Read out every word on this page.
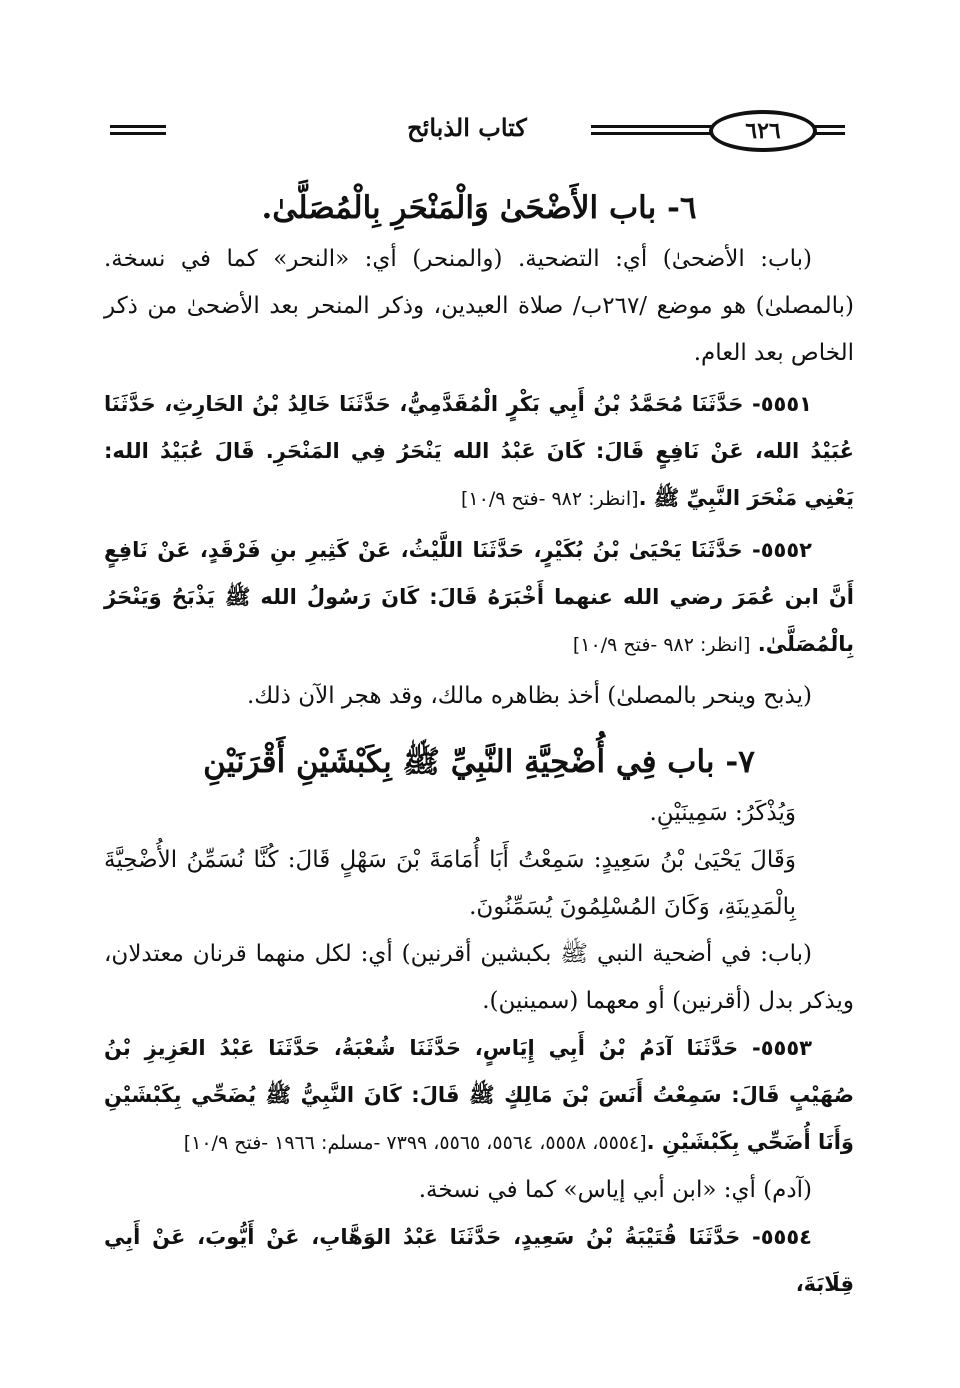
٦٢٦
كتاب الذبائح
٦- باب الأَضْحَىٰ وَالْمَنْحَرِ بِالْمُصَلَّىٰ.

(باب: الأضحىٰ) أي: التضحية. (والمنحر) أي: «النحر» كما في نسخة. (بالمصلىٰ) هو موضع /٢٦٧ب/ صلاة العيدين، وذكر المنحر بعد الأضحىٰ من ذكر الخاص بعد العام.

٥٥٥١- حَدَّثَنَا مُحَمَّدُ بْنُ أَبِي بَكْرٍ الْمُقَدَّمِيُّ، حَدَّثَنَا خَالِدُ بْنُ الحَارِثِ، حَدَّثَنَا عُبَيْدُ الله، عَنْ نَافِعٍ قَالَ: كَانَ عَبْدُ الله يَنْحَرُ فِي المَنْحَرِ. قَالَ عُبَيْدُ الله: يَعْنِي مَنْحَرَ النَّبِيِّ ﷺ .[انظر: ٩٨٢ -فتح ١٠/٩]

٥٥٥٢- حَدَّثَنَا يَحْيَىٰ بْنُ بُكَيْرٍ، حَدَّثَنَا اللَّيْثُ، عَنْ كَثِيرِ بنِ فَرْقَدٍ، عَنْ نَافِعٍ أَنَّ ابن عُمَرَ رضي الله عنهما أَخْبَرَهُ قَالَ: كَانَ رَسُولُ الله ﷺ يَذْبَحُ وَيَنْحَرُ بِالْمُصَلَّىٰ. [انظر: ٩٨٢ -فتح ١٠/٩]

(يذبح وينحر بالمصلىٰ) أخذ بظاهره مالك، وقد هجر الآن ذلك.

٧- باب فِي أُضْحِيَّةِ النَّبِيِّ ﷺ بِكَبْشَيْنِ أَقْرَنَيْنِ

وَيُذْكَرُ: سَمِينَيْنِ.

وَقَالَ يَحْيَىٰ بْنُ سَعِيدٍ: سَمِعْتُ أَبَا أُمَامَةَ بْنَ سَهْلٍ قَالَ: كُنَّا نُسَمِّنُ الأُضْحِيَّةَ بِالْمَدِينَةِ، وَكَانَ المُسْلِمُونَ يُسَمِّنُونَ.

(باب: في أضحية النبي ﷺ بكبشين أقرنين) أي: لكل منهما قرنان معتدلان، ويذكر بدل (أقرنين) أو معهما (سمينين).

٥٥٥٣- حَدَّثَنَا آدَمُ بْنُ أَبِي إِيَاسٍ، حَدَّثَنَا شُعْبَةُ، حَدَّثَنَا عَبْدُ العَزِيزِ بْنُ صُهَيْبٍ قَالَ: سَمِعْتُ أَنَسَ بْنَ مَالِكٍ ﷺ قَالَ: كَانَ النَّبِيُّ ﷺ يُضَحِّي بِكَبْشَيْنِ وَأَنَا أُضَحِّي بِكَبْشَيْنِ .[٥٥٥٤، ٥٥٥٨، ٥٥٦٤، ٥٥٦٥، ٧٣٩٩ -مسلم: ١٩٦٦ -فتح ١٠/٩]

(آدم) أي: «ابن أبي إياس» كما في نسخة.

٥٥٥٤- حَدَّثَنَا قُتَيْبَةُ بْنُ سَعِيدٍ، حَدَّثَنَا عَبْدُ الوَهَّابِ، عَنْ أَيُّوبَ، عَنْ أَبِي قِلَابَةَ،
